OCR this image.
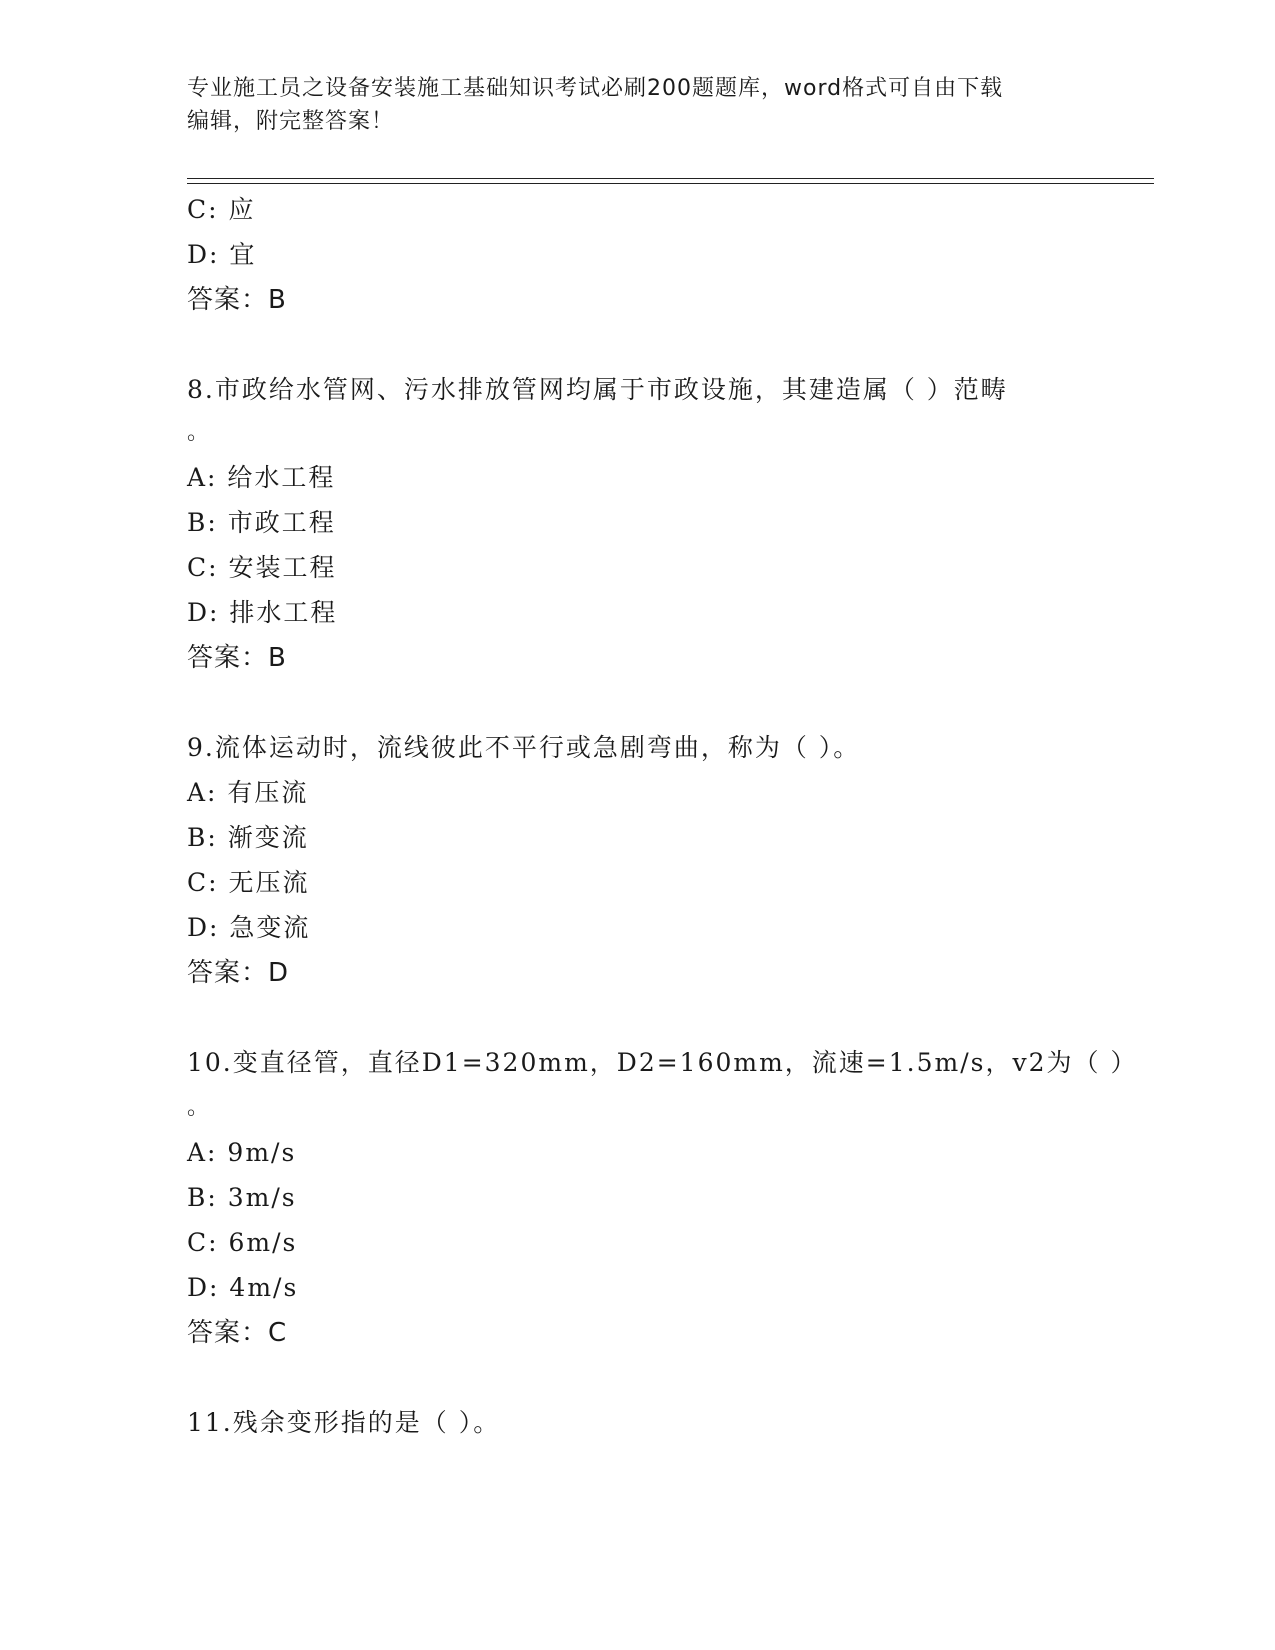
专业施工员之设备安装施工基础知识考试必刷200题题库，word格式可自由下载
编辑，附完整答案！
C: 应
D: 宜
答案：B
8.市政给水管网、污水排放管网均属于市政设施，其建造属（ ）范畴
。
A: 给水工程
B: 市政工程
C: 安装工程
D: 排水工程
答案：B
9.流体运动时，流线彼此不平行或急剧弯曲，称为（ ）。
A: 有压流
B: 渐变流
C: 无压流
D: 急变流
答案：D
10.变直径管，直径D1=320mm，D2=160mm，流速=1.5m/s，v2为（ ）
。
A: 9m/s
B: 3m/s
C: 6m/s
D: 4m/s
答案：C
11.残余变形指的是（ ）。
